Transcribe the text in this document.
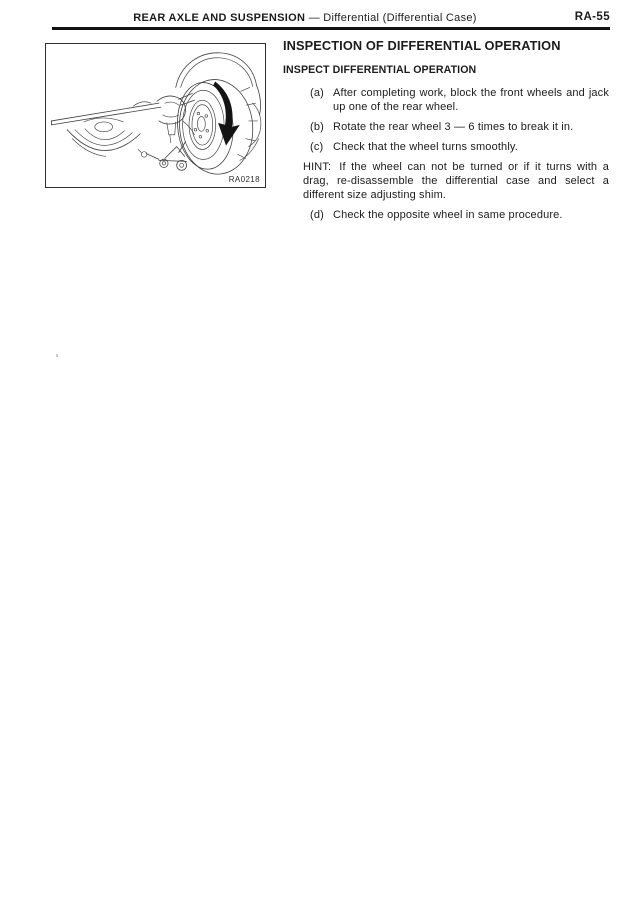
REAR AXLE AND SUSPENSION — Differential (Differential Case)	RA-55
RA0218
INSPECTION OF DIFFERENTIAL OPERATION
INSPECT DIFFERENTIAL OPERATION
(a) After completing work, block the front wheels and jack up one of the rear wheel.
(b) Rotate the rear wheel 3 — 6 times to break it in.
(c) Check that the wheel turns smoothly.

HINT: If the wheel can not be turned or if it turns with a drag, re-disassemble the differential case and select a different size adjusting shim.

(d) Check the opposite wheel in same procedure.
